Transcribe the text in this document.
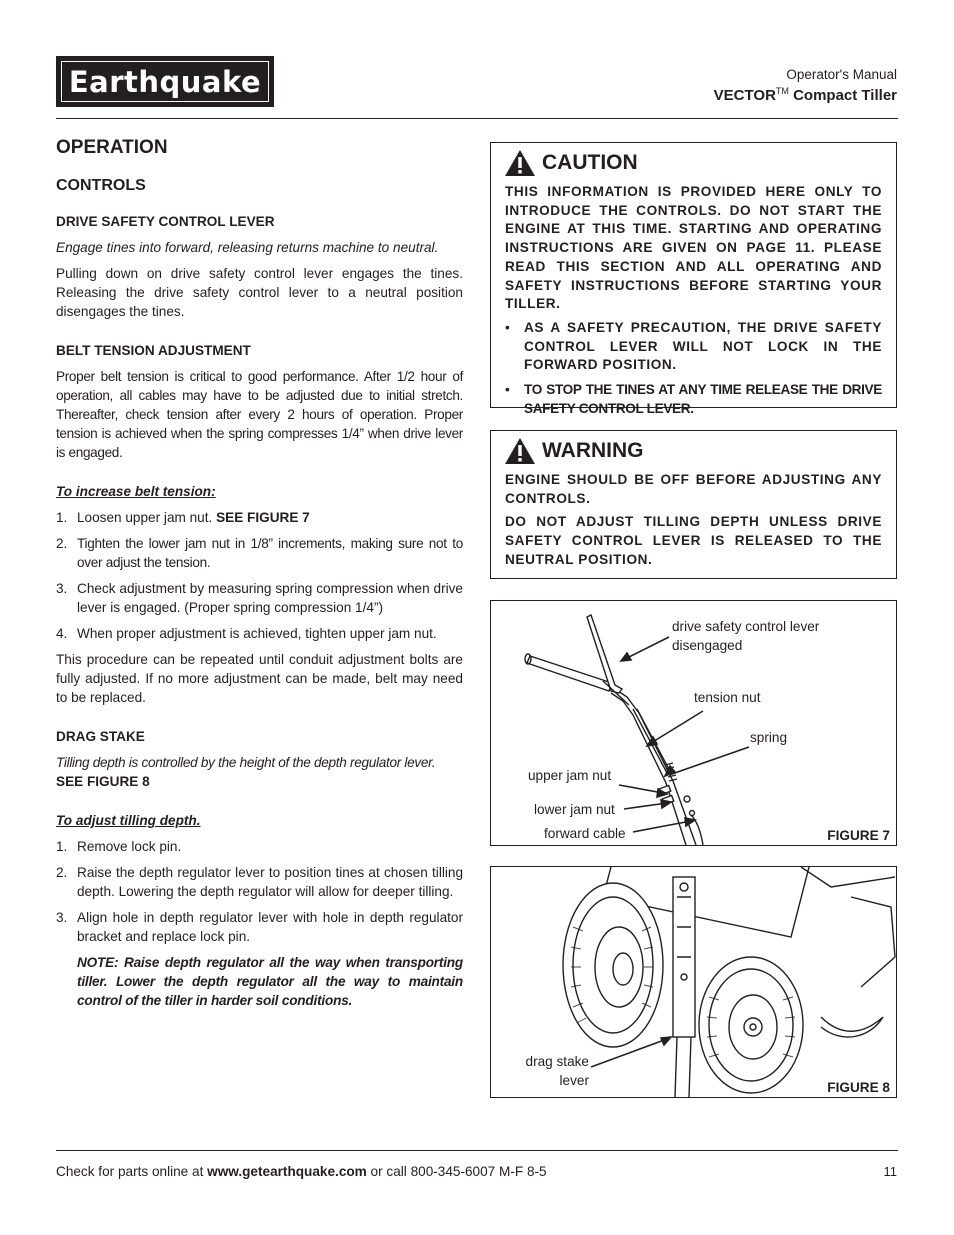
Earthquake	Operator's Manual
VECTOR™ Compact Tiller
OPERATION
CONTROLS
DRIVE SAFETY CONTROL LEVER
Engage tines into forward, releasing returns machine to neutral.
Pulling down on drive safety control lever engages the tines. Releasing the drive safety control lever to a neutral position disengages the tines.
BELT TENSION ADJUSTMENT
Proper belt tension is critical to good performance. After 1/2 hour of operation, all cables may have to be adjusted due to initial stretch. Thereafter, check tension after every 2 hours of operation. Proper tension is achieved when the spring compresses 1/4” when drive lever is engaged.
To increase belt tension:
1. Loosen upper jam nut. SEE FIGURE 7
2. Tighten the lower jam nut in 1/8” increments, making sure not to over adjust the tension.
3. Check adjustment by measuring spring compression when drive lever is engaged. (Proper spring compression 1/4”)
4. When proper adjustment is achieved, tighten upper jam nut.
This procedure can be repeated until conduit adjustment bolts are fully adjusted. If no more adjustment can be made, belt may need to be replaced.
DRAG STAKE
Tilling depth is controlled by the height of the depth regulator lever.
SEE FIGURE 8
To adjust tilling depth.
1. Remove lock pin.
2. Raise the depth regulator lever to position tines at chosen tilling depth. Lowering the depth regulator will allow for deeper tilling.
3. Align hole in depth regulator lever with hole in depth regulator bracket and replace lock pin.
NOTE: Raise depth regulator all the way when transporting tiller. Lower the depth regulator all the way to maintain control of the tiller in harder soil conditions.
CAUTION
THIS INFORMATION IS PROVIDED HERE ONLY TO INTRODUCE THE CONTROLS. DO NOT START THE ENGINE AT THIS TIME. STARTING AND OPERATING INSTRUCTIONS ARE GIVEN ON PAGE 11. PLEASE READ THIS SECTION AND ALL OPERATING AND SAFETY INSTRUCTIONS BEFORE STARTING YOUR TILLER.
•	AS A SAFETY PRECAUTION, THE DRIVE SAFETY CONTROL LEVER WILL NOT LOCK IN THE FORWARD POSITION.
•	TO STOP THE TINES AT ANY TIME RELEASE THE DRIVE SAFETY CONTROL LEVER.
WARNING
ENGINE SHOULD BE OFF BEFORE ADJUSTING ANY CONTROLS.
DO NOT ADJUST TILLING DEPTH UNLESS DRIVE SAFETY CONTROL LEVER IS RELEASED TO THE NEUTRAL POSITION.
drive safety control lever disengaged
tension nut
spring
upper jam nut
lower jam nut
forward cable	FIGURE 7
drag stake lever	FIGURE 8
Check for parts online at www.getearthquake.com or call 800-345-6007 M-F 8-5	11
